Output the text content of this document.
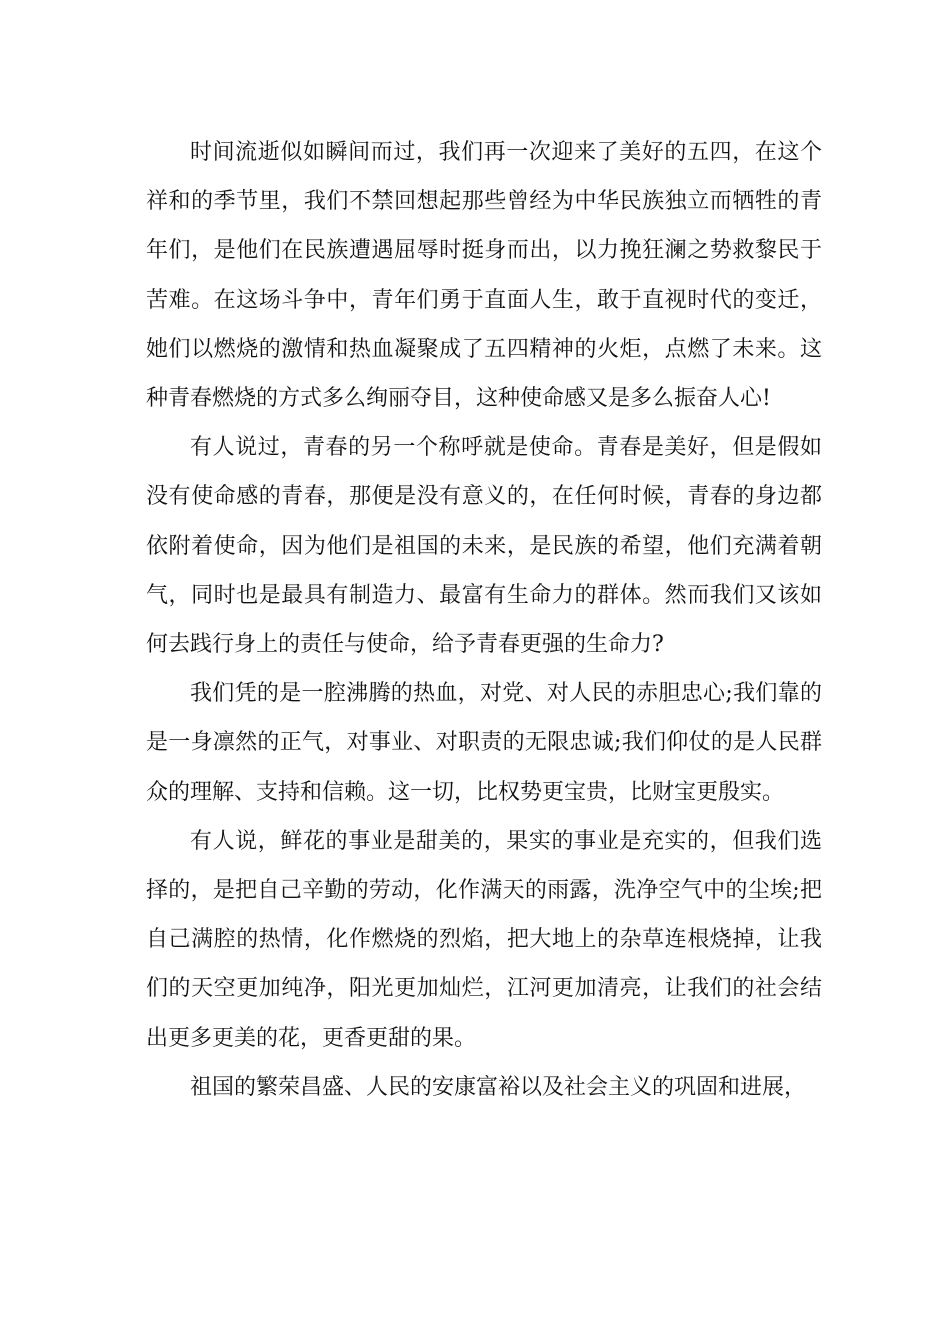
时间流逝似如瞬间而过，我们再一次迎来了美好的五四，在这个祥和的季节里，我们不禁回想起那些曾经为中华民族独立而牺牲的青年们，是他们在民族遭遇屈辱时挺身而出，以力挽狂澜之势救黎民于苦难。在这场斗争中，青年们勇于直面人生，敢于直视时代的变迁，她们以燃烧的激情和热血凝聚成了五四精神的火炬，点燃了未来。这种青春燃烧的方式多么绚丽夺目，这种使命感又是多么振奋人心!

有人说过，青春的另一个称呼就是使命。青春是美好，但是假如没有使命感的青春，那便是没有意义的，在任何时候，青春的身边都依附着使命，因为他们是祖国的未来，是民族的希望，他们充满着朝气，同时也是最具有制造力、最富有生命力的群体。然而我们又该如何去践行身上的责任与使命，给予青春更强的生命力?

我们凭的是一腔沸腾的热血，对党、对人民的赤胆忠心;我们靠的是一身凛然的正气，对事业、对职责的无限忠诚;我们仰仗的是人民群众的理解、支持和信赖。这一切，比权势更宝贵，比财宝更殷实。

有人说，鲜花的事业是甜美的，果实的事业是充实的，但我们选择的，是把自己辛勤的劳动，化作满天的雨露，洗净空气中的尘埃;把自己满腔的热情，化作燃烧的烈焰，把大地上的杂草连根烧掉，让我们的天空更加纯净，阳光更加灿烂，江河更加清亮，让我们的社会结出更多更美的花，更香更甜的果。

祖国的繁荣昌盛、人民的安康富裕以及社会主义的巩固和进展，
